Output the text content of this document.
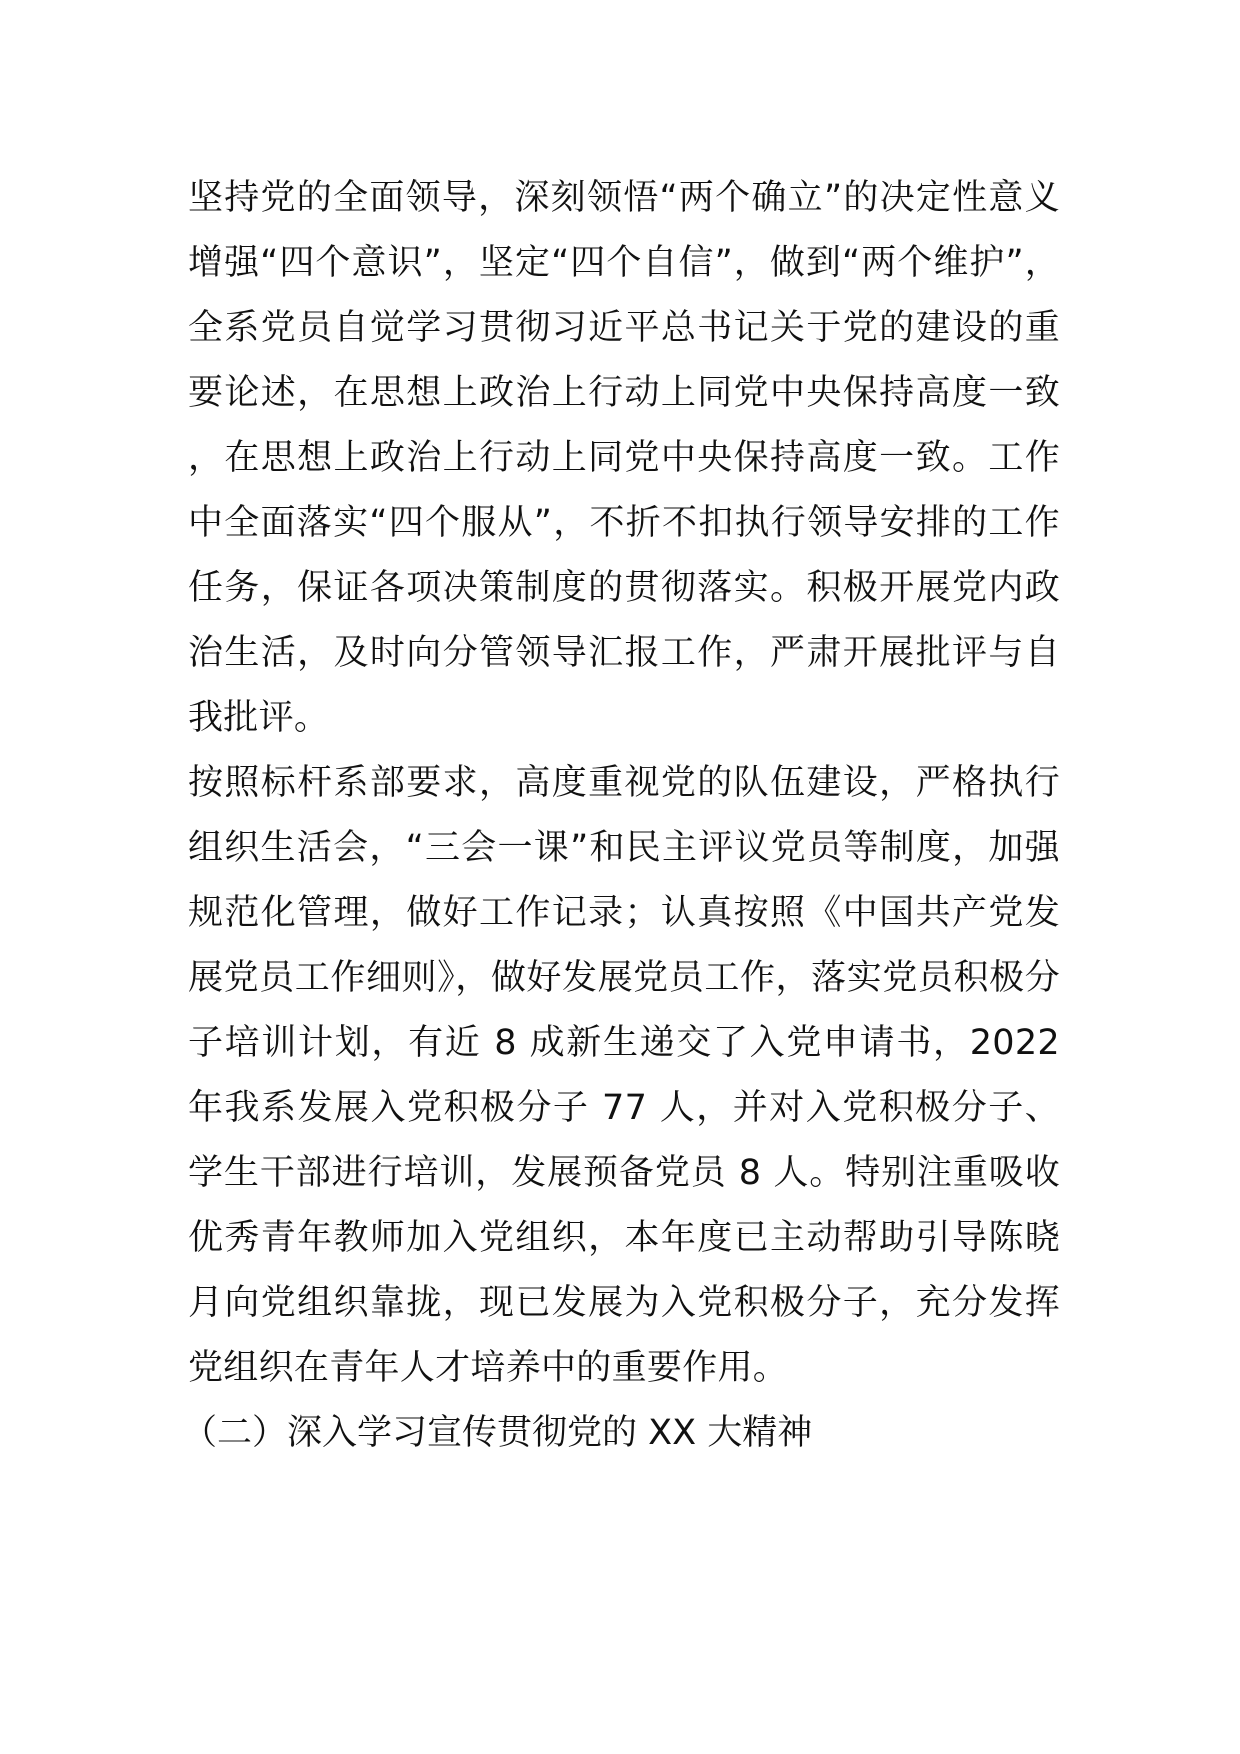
坚持党的全面领导，深刻领悟“两个确立”的决定性意义增强“四个意识”，坚定“四个自信”，做到“两个维护”，全系党员自觉学习贯彻习近平总书记关于党的建设的重要论述，在思想上政治上行动上同党中央保持高度一致，在思想上政治上行动上同党中央保持高度一致。工作中全面落实“四个服从”，不折不扣执行领导安排的工作任务，保证各项决策制度的贯彻落实。积极开展党内政治生活，及时向分管领导汇报工作，严肃开展批评与自我批评。

按照标杆系部要求，高度重视党的队伍建设，严格执行组织生活会，“三会一课”和民主评议党员等制度，加强规范化管理，做好工作记录；认真按照《中国共产党发展党员工作细则》，做好发展党员工作，落实党员积极分子培训计划，有近 8 成新生递交了入党申请书，2022 年我系发展入党积极分子 77 人，并对入党积极分子、学生干部进行培训，发展预备党员 8 人。特别注重吸收优秀青年教师加入党组织，本年度已主动帮助引导陈晓月向党组织靠拢，现已发展为入党积极分子，充分发挥党组织在青年人才培养中的重要作用。

（二）深入学习宣传贯彻党的 XX 大精神
